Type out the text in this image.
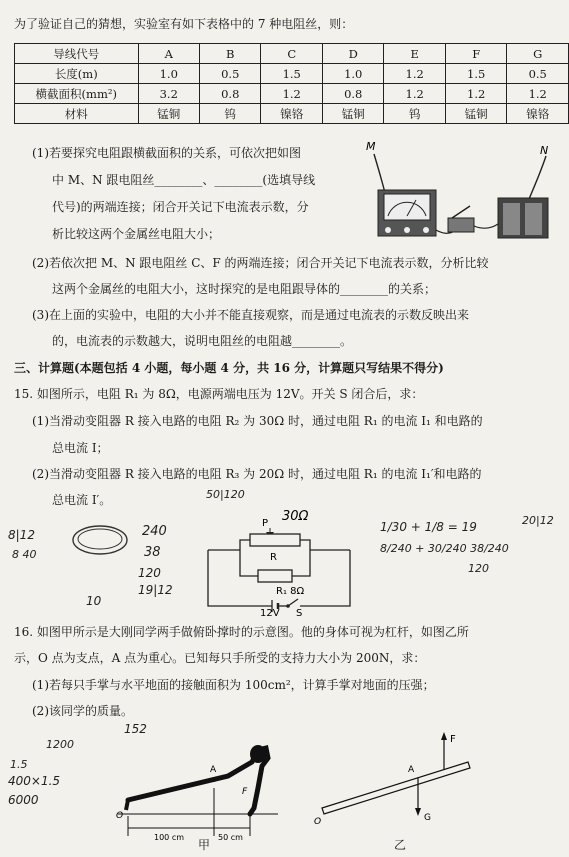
为了验证自己的猜想，实验室有如下表格中的 7 种电阻丝，则：
导线代号	A	B	C	D	E	F	G
长度(m)	1.0	0.5	1.5	1.0	1.2	1.5	0.5
横截面积(mm²)	3.2	0.8	1.2	0.8	1.2	1.2	1.2
材料	锰铜	钨	镍铬	锰铜	钨	锰铜	镍铬
(1)若要探究电阻跟横截面积的关系，可依次把如图
中 M、N 跟电阻丝________、________(选填导线
代号)的两端连接；闭合开关记下电流表示数，分
析比较这两个金属丝电阻大小；
M	N
(2)若依次把 M、N 跟电阻丝 C、F 的两端连接；闭合开关记下电流表示数，分析比较
这两个金属丝的电阻大小，这时探究的是电阻跟导体的________的关系；
(3)在上面的实验中，电阻的大小并不能直接观察，而是通过电流表的示数反映出来
的，电流表的示数越大，说明电阻丝的电阻越________。
三、计算题(本题包括 4 小题，每小题 4 分，共 16 分，计算题只写结果不得分)
15. 如图所示，电阻 R₁ 为 8Ω，电源两端电压为 12V。开关 S 闭合后，求：
(1)当滑动变阻器 R 接入电路的电阻 R₂ 为 30Ω 时，通过电阻 R₁ 的电流 I₁ 和电路的
总电流 I；
(2)当滑动变阻器 R 接入电路的电阻 R₃ 为 20Ω 时，通过电阻 R₁ 的电流 I₁′和电路的
总电流 I′。
30Ω
P
R
R₁ 8Ω
12V S
50|120
8|12
8 40
240
38
120
19|12
10
1/30 + 1/8 = 19
8/240 + 30/240 38/240
120
20|12
16. 如图甲所示是大刚同学两手做俯卧撑时的示意图。他的身体可视为杠杆，如图乙所
示，O 点为支点，A 点为重心。已知每只手所受的支持力大小为 200N，求：
(1)若每只手掌与水平地面的接触面积为 100cm²，计算手掌对地面的压强；
(2)该同学的质量。
1200
152
1.5
400×1.5
6000
A
F
O
100 cm	50 cm
甲
F
A
G
O
乙
